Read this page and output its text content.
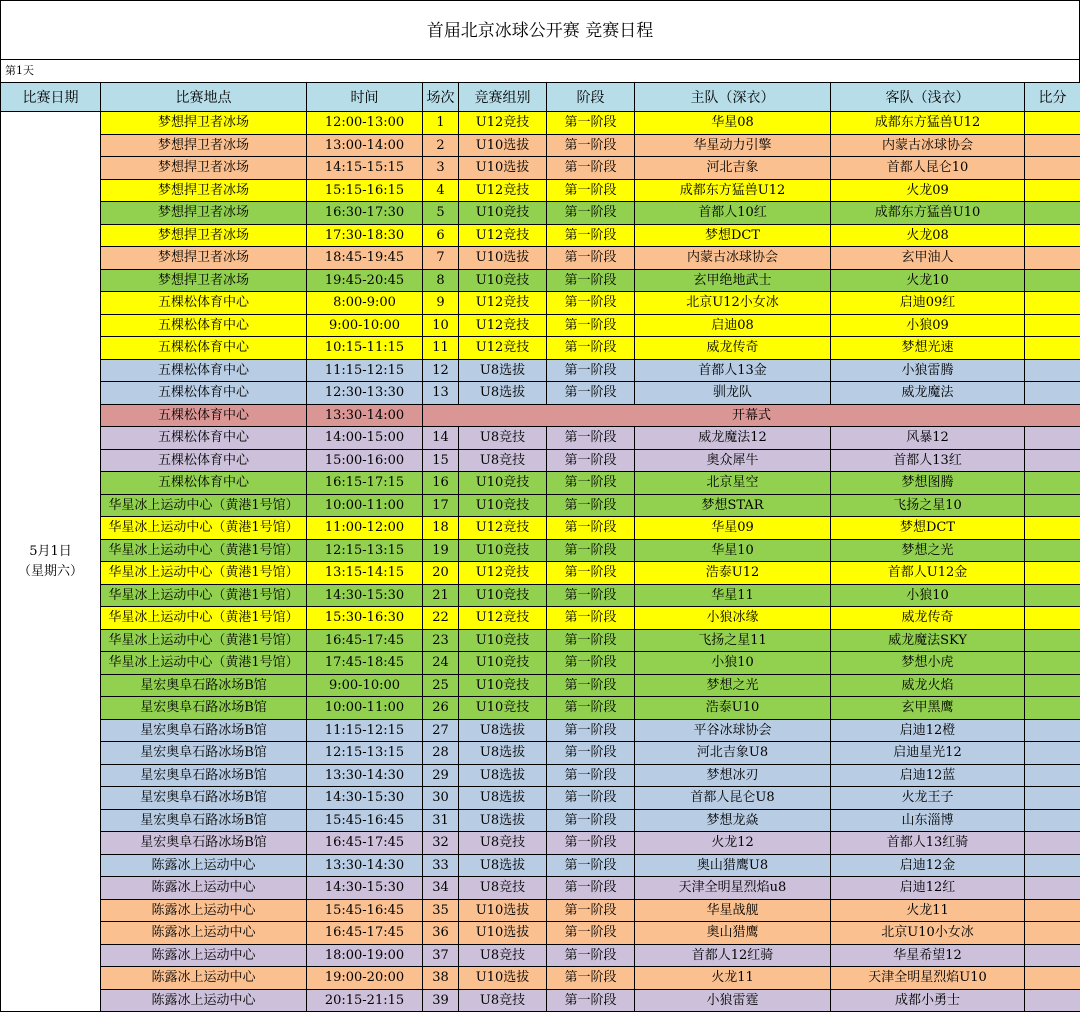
首届北京冰球公开赛 竞赛日程
第1天
比赛日期	比赛地点	时间	场次	竞赛组别	阶段	主队（深衣）	客队（浅衣）	比分	

5月1日
（星期六）	梦想捍卫者冰场	12:00-13:00	1	U12竞技	第一阶段	华星08	成都东方猛兽U12		
	梦想捍卫者冰场	13:00-14:00	2	U10选拔	第一阶段	华星动力引擎	内蒙古冰球协会		
	梦想捍卫者冰场	14:15-15:15	3	U10选拔	第一阶段	河北吉象	首都人昆仑10		
	梦想捍卫者冰场	15:15-16:15	4	U12竞技	第一阶段	成都东方猛兽U12	火龙09		
	梦想捍卫者冰场	16:30-17:30	5	U10竞技	第一阶段	首都人10红	成都东方猛兽U10		
	梦想捍卫者冰场	17:30-18:30	6	U12竞技	第一阶段	梦想DCT	火龙08		
	梦想捍卫者冰场	18:45-19:45	7	U10选拔	第一阶段	内蒙古冰球协会	玄甲油人		
	梦想捍卫者冰场	19:45-20:45	8	U10竞技	第一阶段	玄甲绝地武士	火龙10		
	五棵松体育中心	8:00-9:00	9	U12竞技	第一阶段	北京U12小女冰	启迪09红		
	五棵松体育中心	9:00-10:00	10	U12竞技	第一阶段	启迪08	小狼09		
	五棵松体育中心	10:15-11:15	11	U12竞技	第一阶段	威龙传奇	梦想光速		
	五棵松体育中心	11:15-12:15	12	U8选拔	第一阶段	首都人13金	小狼雷腾		
	五棵松体育中心	12:30-13:30	13	U8选拔	第一阶段	驯龙队	威龙魔法		
	五棵松体育中心	13:30-14:00	开幕式						
	五棵松体育中心	14:00-15:00	14	U8竞技	第一阶段	威龙魔法12	风暴12		
	五棵松体育中心	15:00-16:00	15	U8竞技	第一阶段	奥众犀牛	首都人13红		
	五棵松体育中心	16:15-17:15	16	U10竞技	第一阶段	北京星空	梦想图腾		
	华星冰上运动中心（黄港1号馆）	10:00-11:00	17	U10竞技	第一阶段	梦想STAR	飞扬之星10		
	华星冰上运动中心（黄港1号馆）	11:00-12:00	18	U12竞技	第一阶段	华星09	梦想DCT		
	华星冰上运动中心（黄港1号馆）	12:15-13:15	19	U10竞技	第一阶段	华星10	梦想之光		
	华星冰上运动中心（黄港1号馆）	13:15-14:15	20	U12竞技	第一阶段	浩泰U12	首都人U12金		
	华星冰上运动中心（黄港1号馆）	14:30-15:30	21	U10竞技	第一阶段	华星11	小狼10		
	华星冰上运动中心（黄港1号馆）	15:30-16:30	22	U12竞技	第一阶段	小狼冰缘	威龙传奇		
	华星冰上运动中心（黄港1号馆）	16:45-17:45	23	U10竞技	第一阶段	飞扬之星11	威龙魔法SKY		
	华星冰上运动中心（黄港1号馆）	17:45-18:45	24	U10竞技	第一阶段	小狼10	梦想小虎		
	星宏奥阜石路冰场B馆	9:00-10:00	25	U10竞技	第一阶段	梦想之光	威龙火焰		
	星宏奥阜石路冰场B馆	10:00-11:00	26	U10竞技	第一阶段	浩泰U10	玄甲黑鹰		
	星宏奥阜石路冰场B馆	11:15-12:15	27	U8选拔	第一阶段	平谷冰球协会	启迪12橙		
	星宏奥阜石路冰场B馆	12:15-13:15	28	U8选拔	第一阶段	河北吉象U8	启迪星光12		
	星宏奥阜石路冰场B馆	13:30-14:30	29	U8选拔	第一阶段	梦想冰刃	启迪12蓝		
	星宏奥阜石路冰场B馆	14:30-15:30	30	U8选拔	第一阶段	首都人昆仑U8	火龙王子		
	星宏奥阜石路冰场B馆	15:45-16:45	31	U8选拔	第一阶段	梦想龙焱	山东淄博		
	星宏奥阜石路冰场B馆	16:45-17:45	32	U8竞技	第一阶段	火龙12	首都人13红骑		
	陈露冰上运动中心	13:30-14:30	33	U8选拔	第一阶段	奥山猎鹰U8	启迪12金		
	陈露冰上运动中心	14:30-15:30	34	U8竞技	第一阶段	天津全明星烈焰u8	启迪12红		
	陈露冰上运动中心	15:45-16:45	35	U10选拔	第一阶段	华星战舰	火龙11		
	陈露冰上运动中心	16:45-17:45	36	U10选拔	第一阶段	奥山猎鹰	北京U10小女冰		
	陈露冰上运动中心	18:00-19:00	37	U8竞技	第一阶段	首都人12红骑	华星希望12		
	陈露冰上运动中心	19:00-20:00	38	U10选拔	第一阶段	火龙11	天津全明星烈焰U10		
	陈露冰上运动中心	20:15-21:15	39	U8竞技	第一阶段	小狼雷霆	成都小勇士		
